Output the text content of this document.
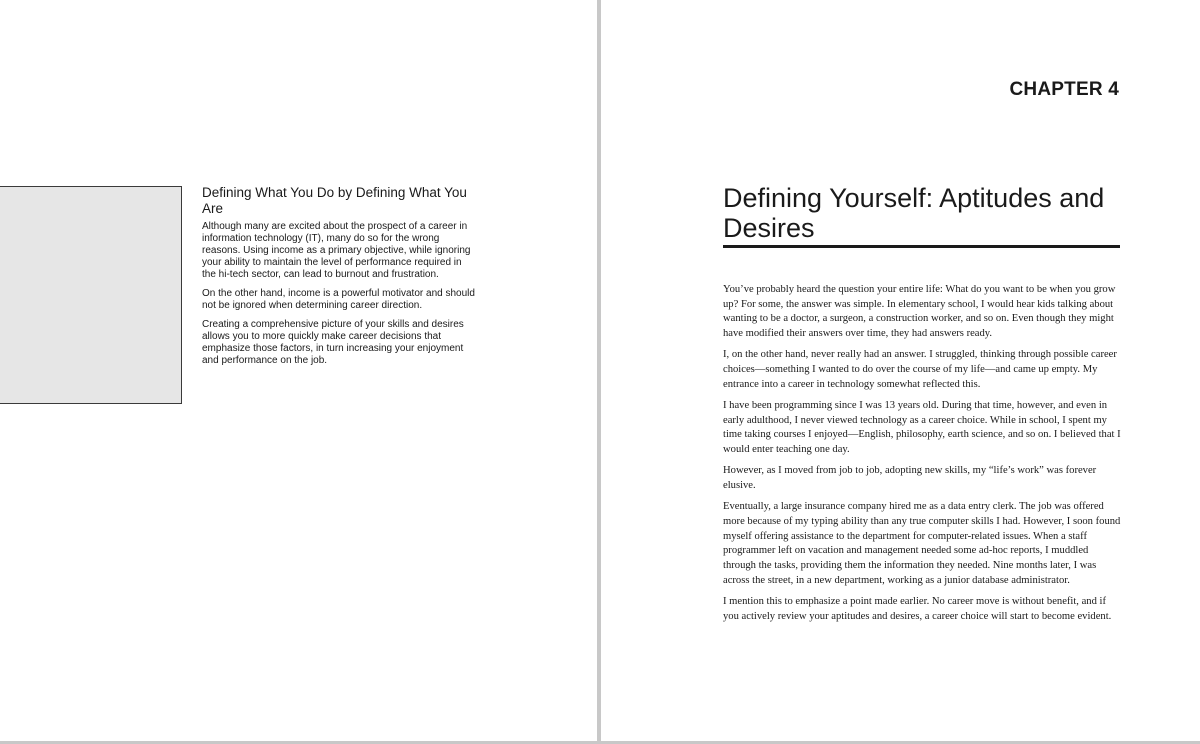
Defining What You Do by Defining What You Are

Although many are excited about the prospect of a career in information technology (IT), many do so for the wrong reasons. Using income as a primary objective, while ignoring your ability to maintain the level of performance required in the hi-tech sector, can lead to burnout and frustration.

On the other hand, income is a powerful motivator and should not be ignored when determining career direction.

Creating a comprehensive picture of your skills and desires allows you to more quickly make career decisions that emphasize those factors, in turn increasing your enjoyment and performance on the job.

CHAPTER 4
Defining Yourself: Aptitudes and Desires

You’ve probably heard the question your entire life: What do you want to be when you grow up? For some, the answer was simple. In elementary school, I would hear kids talking about wanting to be a doctor, a surgeon, a construction worker, and so on. Even though they might have modified their answers over time, they had answers ready.

I, on the other hand, never really had an answer. I struggled, thinking through possible career choices—something I wanted to do over the course of my life—and came up empty. My entrance into a career in technology somewhat reflected this.

I have been programming since I was 13 years old. During that time, however, and even in early adulthood, I never viewed technology as a career choice. While in school, I spent my time taking courses I enjoyed—English, philosophy, earth science, and so on. I believed that I would enter teaching one day.

However, as I moved from job to job, adopting new skills, my “life’s work” was forever elusive.

Eventually, a large insurance company hired me as a data entry clerk. The job was offered more because of my typing ability than any true computer skills I had. However, I soon found myself offering assistance to the department for computer-related issues. When a staff programmer left on vacation and management needed some ad-hoc reports, I muddled through the tasks, providing them the information they needed. Nine months later, I was across the street, in a new department, working as a junior database administrator.

I mention this to emphasize a point made earlier. No career move is without benefit, and if you actively review your aptitudes and desires, a career choice will start to become evident.
